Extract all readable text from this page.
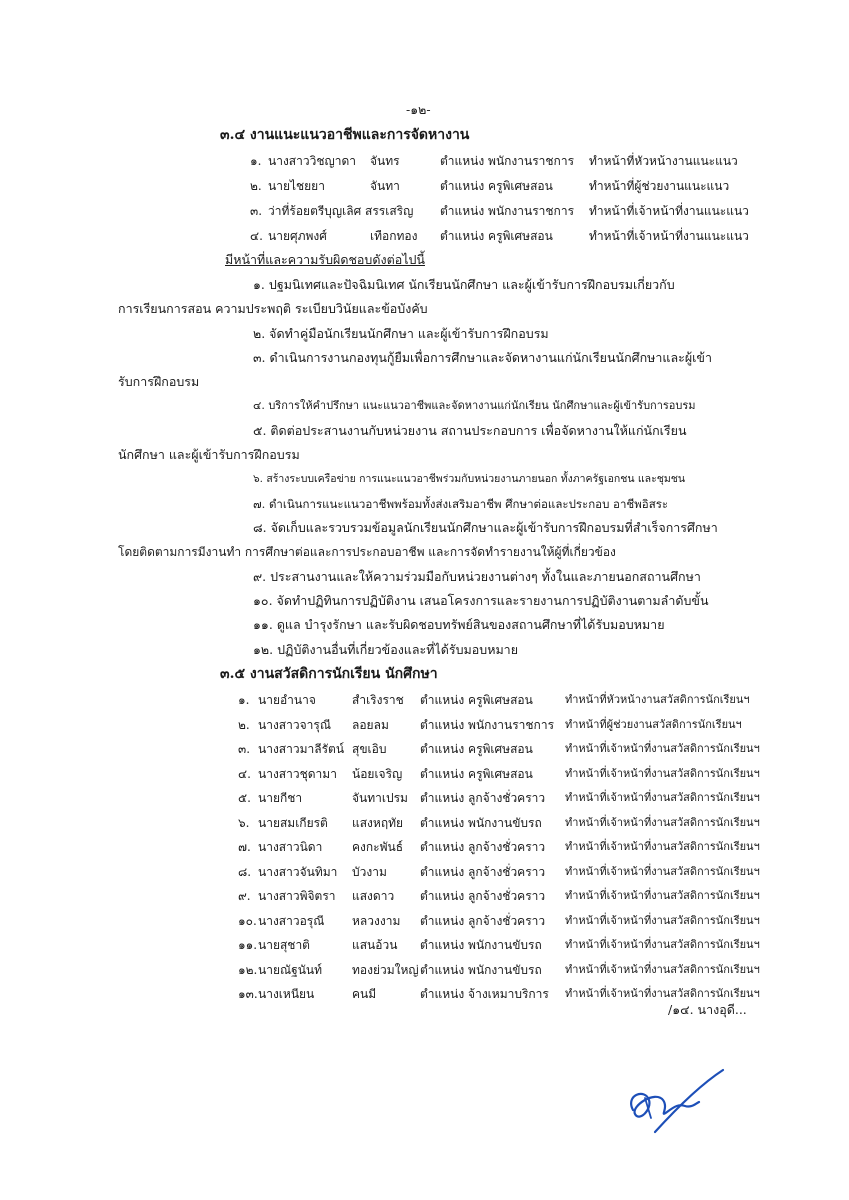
-๑๒-
๓.๔ งานแนะแนวอาชีพและการจัดหางาน
๑. นางสาววิชญาดา จันทร	ตำแหน่ง พนักงานราชการ ทำหน้าที่หัวหน้างานแนะแนว
๒. นายไชยยา	จันทา	ตำแหน่ง ครูพิเศษสอน	ทำหน้าที่ผู้ช่วยงานแนะแนว
๓. ว่าที่ร้อยตรีบุญเลิศ สรรเสริญ ตำแหน่ง พนักงานราชการ ทำหน้าที่เจ้าหน้าที่งานแนะแนว
๔. นายศุภพงศ์	เทือกทอง ตำแหน่ง ครูพิเศษสอน	ทำหน้าที่เจ้าหน้าที่งานแนะแนว
มีหน้าที่และความรับผิดชอบดังต่อไปนี้
๑. ปฐมนิเทศและปัจฉิมนิเทศ นักเรียนนักศึกษา และผู้เข้ารับการฝึกอบรมเกี่ยวกับ
การเรียนการสอน ความประพฤติ ระเบียบวินัยและข้อบังคับ
๒. จัดทำคู่มือนักเรียนนักศึกษา และผู้เข้ารับการฝึกอบรม
๓. ดำเนินการงานกองทุนกู้ยืมเพื่อการศึกษาและจัดหางานแก่นักเรียนนักศึกษาและผู้เข้า
รับการฝึกอบรม
๔. บริการให้คำปรึกษา แนะแนวอาชีพและจัดหางานแก่นักเรียน นักศึกษาและผู้เข้ารับการอบรม
๕. ติดต่อประสานงานกับหน่วยงาน สถานประกอบการ เพื่อจัดหางานให้แก่นักเรียน
นักศึกษา และผู้เข้ารับการฝึกอบรม
๖. สร้างระบบเครือข่าย การแนะแนวอาชีพร่วมกับหน่วยงานภายนอก ทั้งภาครัฐเอกชน และชุมชน
๗. ดำเนินการแนะแนวอาชีพพร้อมทั้งส่งเสริมอาชีพ ศึกษาต่อและประกอบ อาชีพอิสระ
๘. จัดเก็บและรวบรวมข้อมูลนักเรียนนักศึกษาและผู้เข้ารับการฝึกอบรมที่สำเร็จการศึกษา
โดยติดตามการมีงานทำ การศึกษาต่อและการประกอบอาชีพ และการจัดทำรายงานให้ผู้ที่เกี่ยวข้อง
๙. ประสานงานและให้ความร่วมมือกับหน่วยงานต่างๆ ทั้งในและภายนอกสถานศึกษา
๑๐. จัดทำปฏิทินการปฏิบัติงาน เสนอโครงการและรายงานการปฏิบัติงานตามลำดับขั้น
๑๑. ดูแล บำรุงรักษา และรับผิดชอบทรัพย์สินของสถานศึกษาที่ได้รับมอบหมาย
๑๒. ปฏิบัติงานอื่นที่เกี่ยวข้องและที่ได้รับมอบหมาย
๓.๕ งานสวัสดิการนักเรียน นักศึกษา
๑. นายอำนาจ	สำเริงราช ตำแหน่ง ครูพิเศษสอน	ทำหน้าที่หัวหน้างานสวัสดิการนักเรียนฯ
๒. นางสาวจารุณี ลอยลม	ตำแหน่ง พนักงานราชการ ทำหน้าที่ผู้ช่วยงานสวัสดิการนักเรียนฯ
๓. นางสาวมาลีรัตน์ สุขเอิบ	ตำแหน่ง ครูพิเศษสอน	ทำหน้าที่เจ้าหน้าที่งานสวัสดิการนักเรียนฯ
๔. นางสาวชุดามา น้อยเจริญ ตำแหน่ง ครูพิเศษสอน	ทำหน้าที่เจ้าหน้าที่งานสวัสดิการนักเรียนฯ
๕. นายกีชา	จันทาเปรม ตำแหน่ง ลูกจ้างชั่วคราว ทำหน้าที่เจ้าหน้าที่งานสวัสดิการนักเรียนฯ
๖. นายสมเกียรติ แสงหฤทัย ตำแหน่ง พนักงานขับรถ ทำหน้าที่เจ้าหน้าที่งานสวัสดิการนักเรียนฯ
๗. นางสาวนิดา คงกะพันธ์ ตำแหน่ง ลูกจ้างชั่วคราว ทำหน้าที่เจ้าหน้าที่งานสวัสดิการนักเรียนฯ
๘. นางสาวจันทิมา บัวงาม	ตำแหน่ง ลูกจ้างชั่วคราว ทำหน้าที่เจ้าหน้าที่งานสวัสดิการนักเรียนฯ
๙. นางสาวพิจิตรา แสงดาว ตำแหน่ง ลูกจ้างชั่วคราว ทำหน้าที่เจ้าหน้าที่งานสวัสดิการนักเรียนฯ
๑๐. นางสาวอรุณี หลวงงาม ตำแหน่ง ลูกจ้างชั่วคราว ทำหน้าที่เจ้าหน้าที่งานสวัสดิการนักเรียนฯ
๑๑. นายสุชาติ	แสนอ้วน ตำแหน่ง พนักงานขับรถ ทำหน้าที่เจ้าหน้าที่งานสวัสดิการนักเรียนฯ
๑๒. นายณัฐนันท์ ทองย่วมใหญ่ ตำแหน่ง พนักงานขับรถ ทำหน้าที่เจ้าหน้าที่งานสวัสดิการนักเรียนฯ
๑๓. นางเหนียน	คนมี	ตำแหน่ง จ้างเหมาบริการ ทำหน้าที่เจ้าหน้าที่งานสวัสดิการนักเรียนฯ
/๑๔. นางอุดี...
